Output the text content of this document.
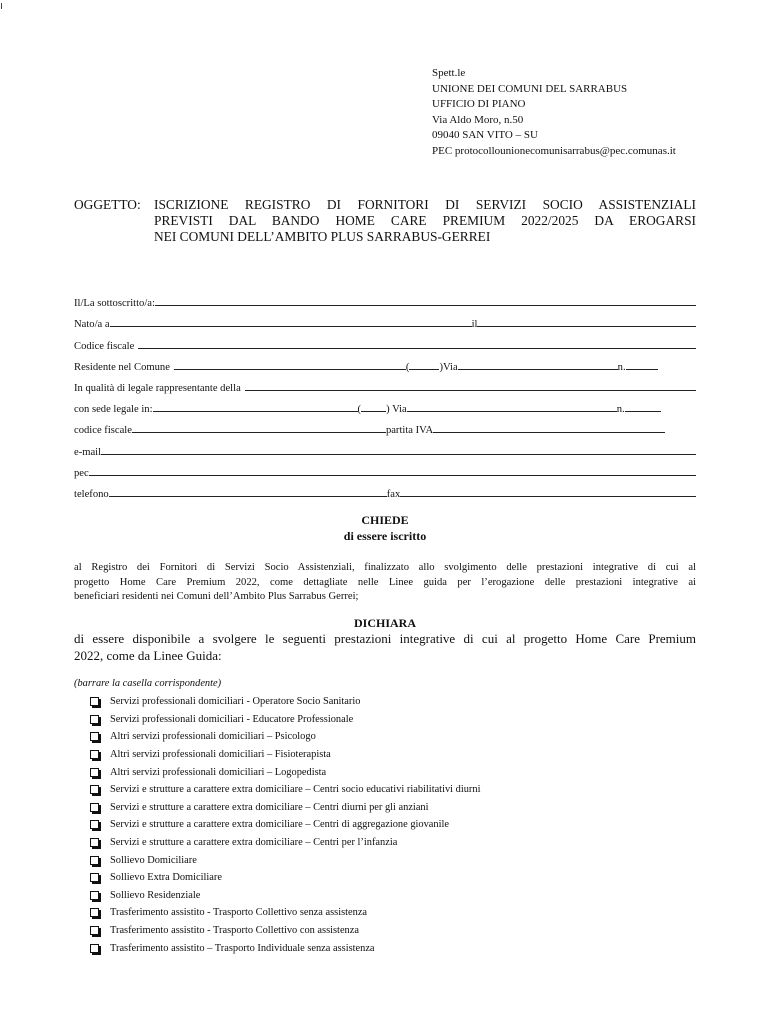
Spett.le
UNIONE DEI COMUNI DEL SARRABUS
UFFICIO DI PIANO
Via Aldo Moro, n.50
09040 SAN VITO – SU
PEC protocollounionecomunisarrabus@pec.comunas.it
OGGETTO: ISCRIZIONE REGISTRO DI FORNITORI DI SERVIZI SOCIO ASSISTENZIALI
PREVISTI DAL BANDO HOME CARE PREMIUM 2022/2025 DA EROGARSI
NEI COMUNI DELL’AMBITO PLUS SARRABUS-GERREI
Il/La sottoscritto/a:
Nato/a a	il
Codice fiscale
Residente nel Comune	(	)Via	n.
In qualità di legale rappresentante della
con sede legale in:	( ) Via	n.
codice fiscale	partita IVA
e-mail
pec
telefono	fax
CHIEDE
di essere iscritto
al Registro dei Fornitori di Servizi Socio Assistenziali, finalizzato allo svolgimento delle prestazioni integrative di cui al
progetto Home Care Premium 2022, come dettagliate nelle Linee guida per l’erogazione delle prestazioni integrative ai
beneficiari residenti nei Comuni dell’Ambito Plus Sarrabus Gerrei;
DICHIARA
di essere disponibile a svolgere le seguenti prestazioni integrative di cui al progetto Home Care Premium
2022, come da Linee Guida:
(barrare la casella corrispondente)
Servizi professionali domiciliari - Operatore Socio Sanitario
Servizi professionali domiciliari - Educatore Professionale
Altri servizi professionali domiciliari – Psicologo
Altri servizi professionali domiciliari – Fisioterapista
Altri servizi professionali domiciliari – Logopedista
Servizi e strutture a carattere extra domiciliare – Centri socio educativi riabilitativi diurni
Servizi e strutture a carattere extra domiciliare – Centri diurni per gli anziani
Servizi e strutture a carattere extra domiciliare – Centri di aggregazione giovanile
Servizi e strutture a carattere extra domiciliare – Centri per l’infanzia
Sollievo Domiciliare
Sollievo Extra Domiciliare
Sollievo Residenziale
Trasferimento assistito - Trasporto Collettivo senza assistenza
Trasferimento assistito - Trasporto Collettivo con assistenza
Trasferimento assistito – Trasporto Individuale senza assistenza
